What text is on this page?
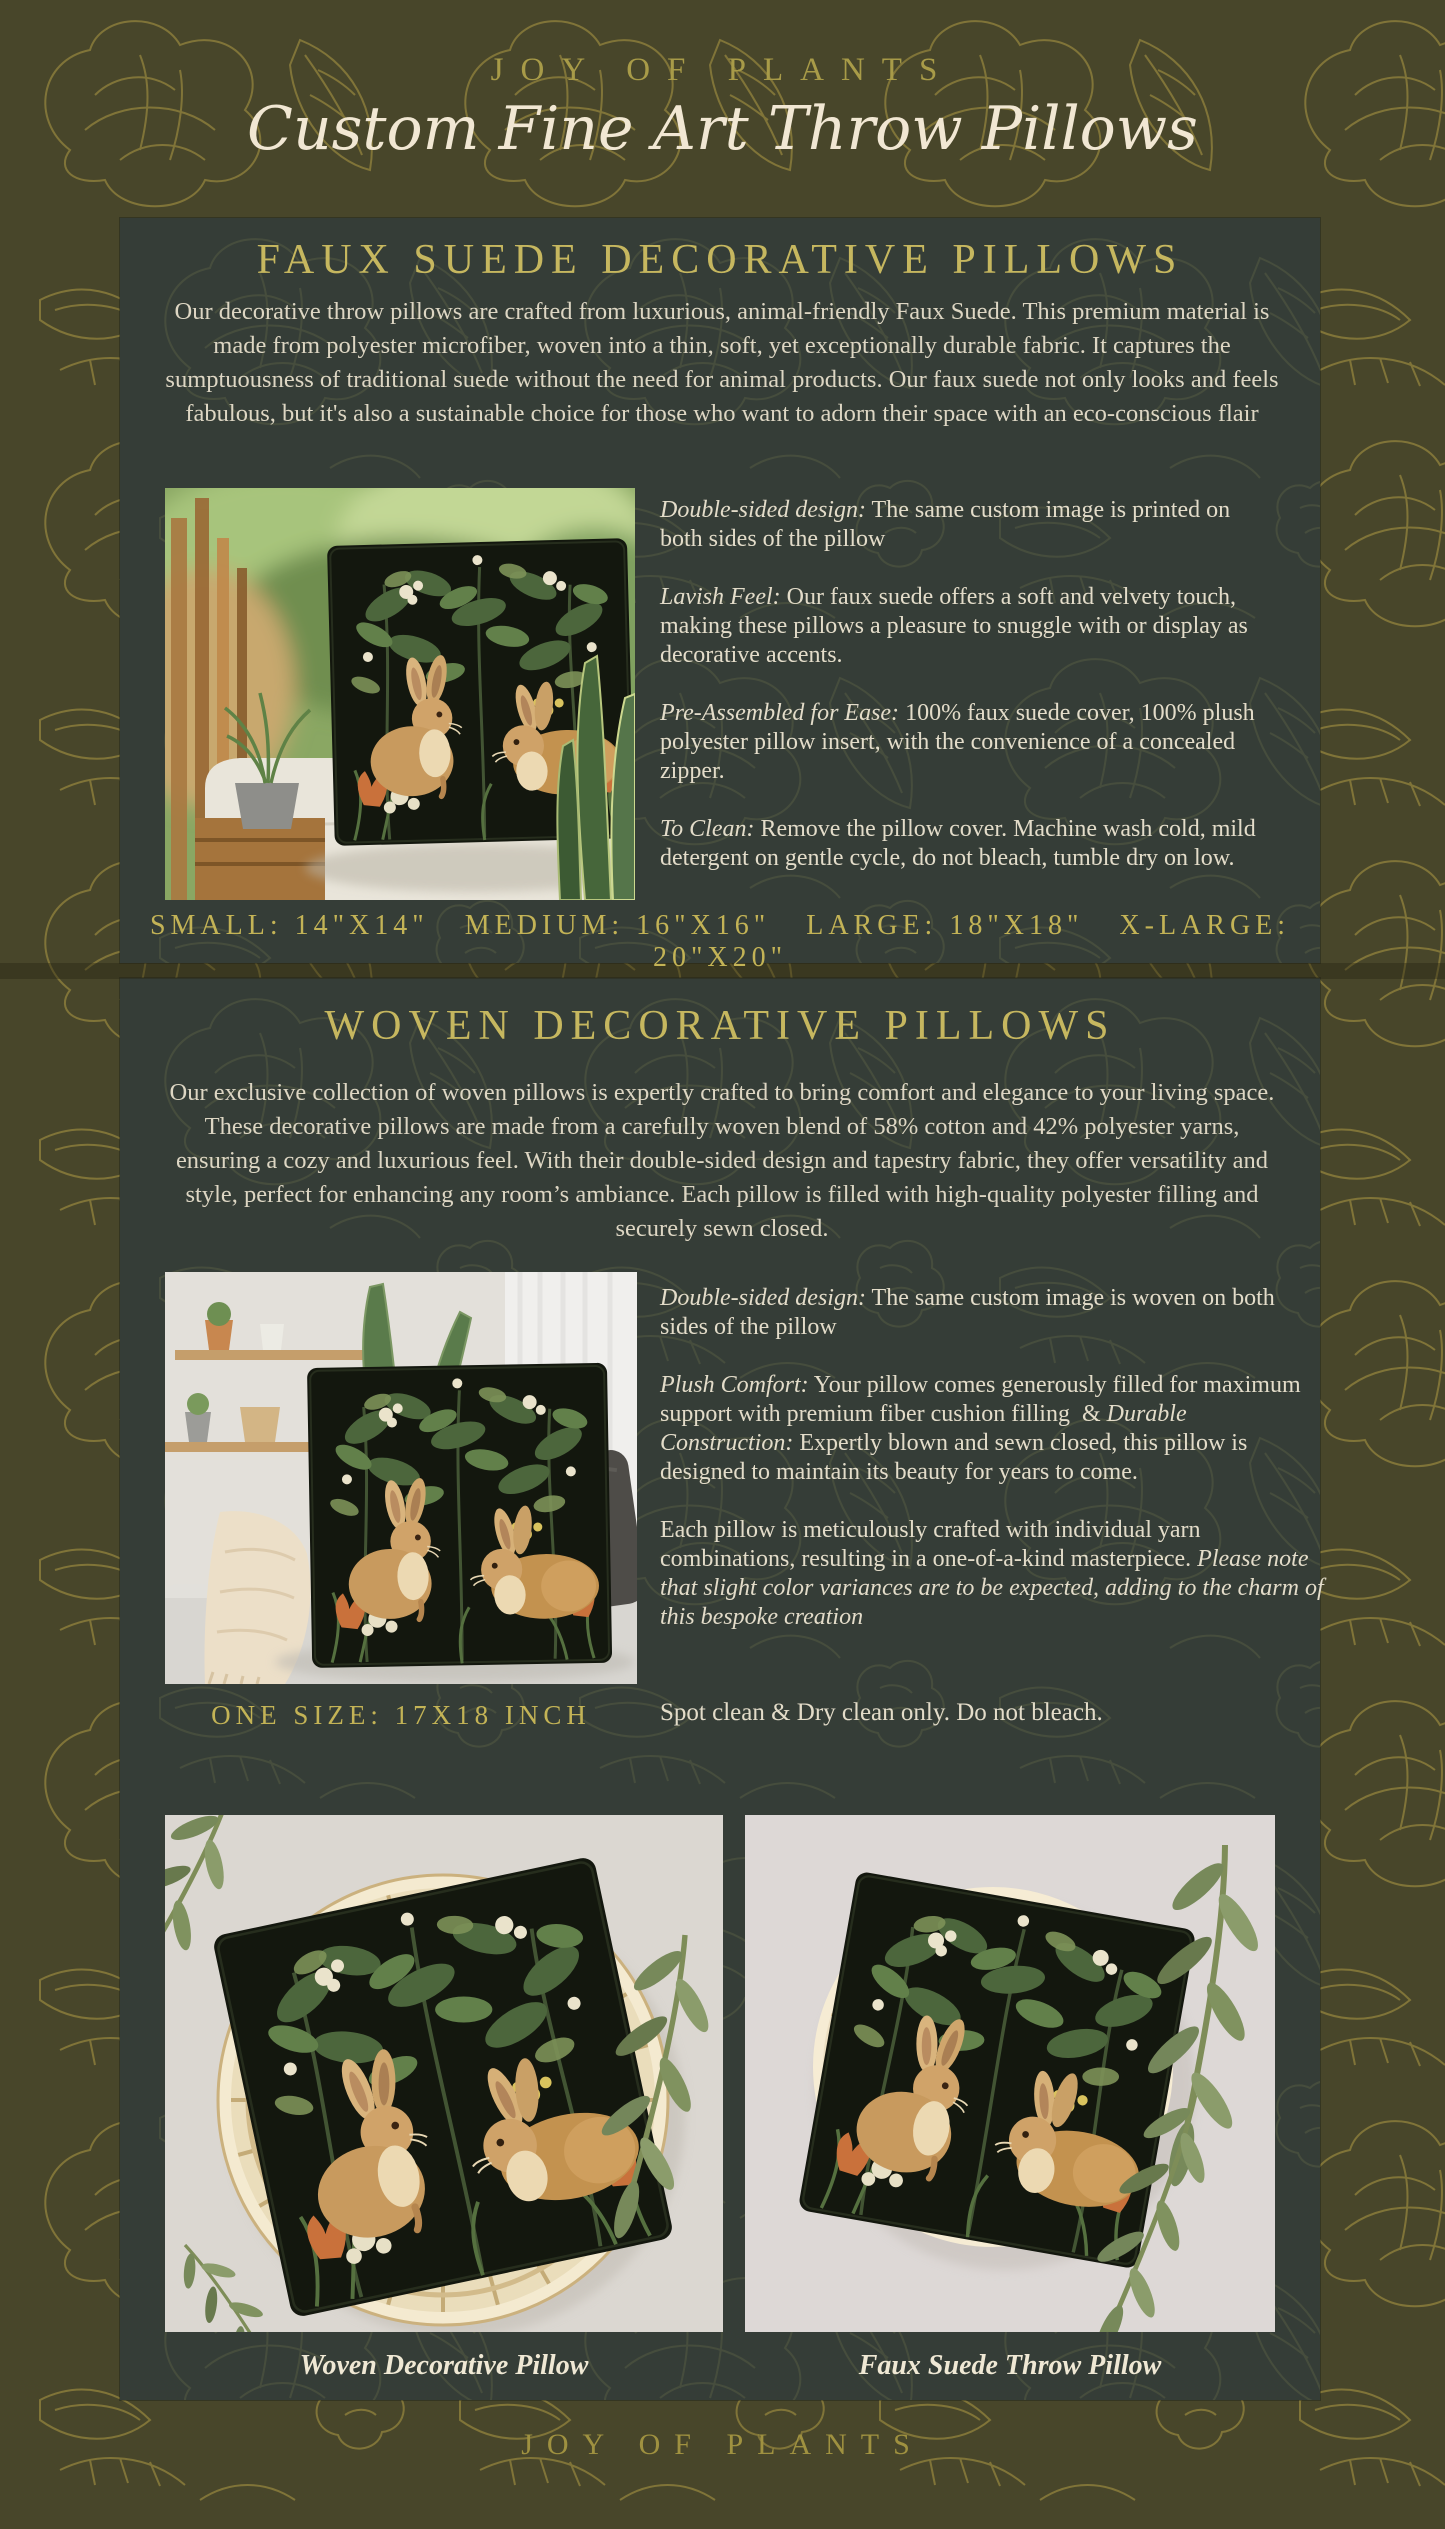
JOY OF PLANTS
Custom Fine Art Throw Pillows
FAUX SUEDE DECORATIVE PILLOWS
Our decorative throw pillows are crafted from luxurious, animal-friendly Faux Suede. This premium material is made from polyester microfiber, woven into a thin, soft, yet exceptionally durable fabric. It captures the sumptuousness of traditional suede without the need for animal products. Our faux suede not only looks and feels fabulous, but it's also a sustainable choice for those who want to adorn their space with an eco-conscious flair

Double-sided design: The same custom image is printed on both sides of the pillow

Lavish Feel: Our faux suede offers a soft and velvety touch, making these pillows a pleasure to snuggle with or display as decorative accents.

Pre-Assembled for Ease: 100% faux suede cover, 100% plush polyester pillow insert, with the convenience of a concealed zipper.

To Clean: Remove the pillow cover. Machine wash cold, mild detergent on gentle cycle, do not bleach, tumble dry on low.

SMALL: 14"X14"   MEDIUM: 16"X16"   LARGE: 18"X18"   X-LARGE: 20"X20"
WOVEN DECORATIVE PILLOWS
Our exclusive collection of woven pillows is expertly crafted to bring comfort and elegance to your living space. These decorative pillows are made from a carefully woven blend of 58% cotton and 42% polyester yarns, ensuring a cozy and luxurious feel. With their double-sided design and tapestry fabric, they offer versatility and style, perfect for enhancing any room’s ambiance. Each pillow is filled with high-quality polyester filling and securely sewn closed.

Double-sided design: The same custom image is woven on both sides of the pillow

Plush Comfort: Your pillow comes generously filled for maximum support with premium fiber cushion filling  & Durable Construction: Expertly blown and sewn closed, this pillow is designed to maintain its beauty for years to come.

Each pillow is meticulously crafted with individual yarn combinations, resulting in a one-of-a-kind masterpiece. Please note that slight color variances are to be expected, adding to the charm of this bespoke creation

ONE SIZE: 17X18 INCH	Spot clean & Dry clean only. Do not bleach.
Woven Decorative Pillow	Faux Suede Throw Pillow
JOY OF PLANTS
